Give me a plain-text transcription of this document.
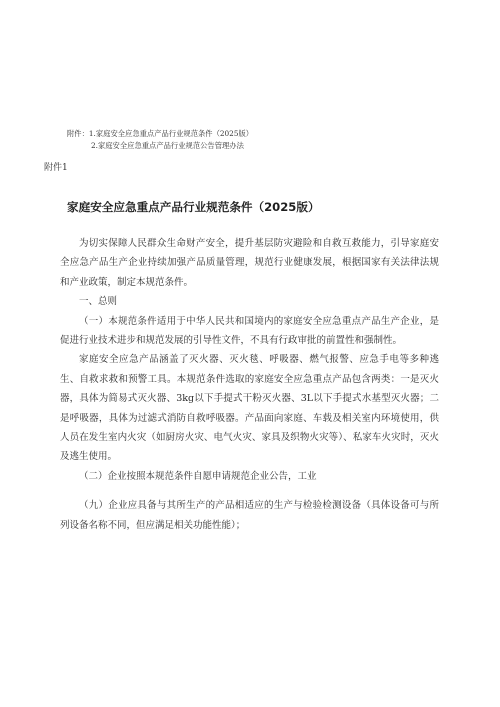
附件：1.家庭安全应急重点产品行业规范条件（2025版）
2.家庭安全应急重点产品行业规范公告管理办法
附件1
家庭安全应急重点产品行业规范条件（2025版）

为切实保障人民群众生命财产安全，提升基层防灾避险和自救互救能力，引导家庭安全应急产品生产企业持续加强产品质量管理，规范行业健康发展，根据国家有关法律法规和产业政策，制定本规范条件。

一、总则

（一）本规范条件适用于中华人民共和国境内的家庭安全应急重点产品生产企业，是促进行业技术进步和规范发展的引导性文件，不具有行政审批的前置性和强制性。

家庭安全应急产品涵盖了灭火器、灭火毯、呼吸器、燃气报警、应急手电等多种逃生、自救求救和预警工具。本规范条件选取的家庭安全应急重点产品包含两类：一是灭火器，具体为简易式灭火器、3kg以下手提式干粉灭火器、3L以下手提式水基型灭火器；二是呼吸器，具体为过滤式消防自救呼吸器。产品面向家庭、车载及相关室内环境使用，供人员在发生室内火灾（如厨房火灾、电气火灾、家具及织物火灾等）、私家车火灾时，灭火及逃生使用。

（二）企业按照本规范条件自愿申请规范企业公告，工业

（九）企业应具备与其所生产的产品相适应的生产与检验检测设备（具体设备可与所列设备名称不同，但应满足相关功能性能）；
